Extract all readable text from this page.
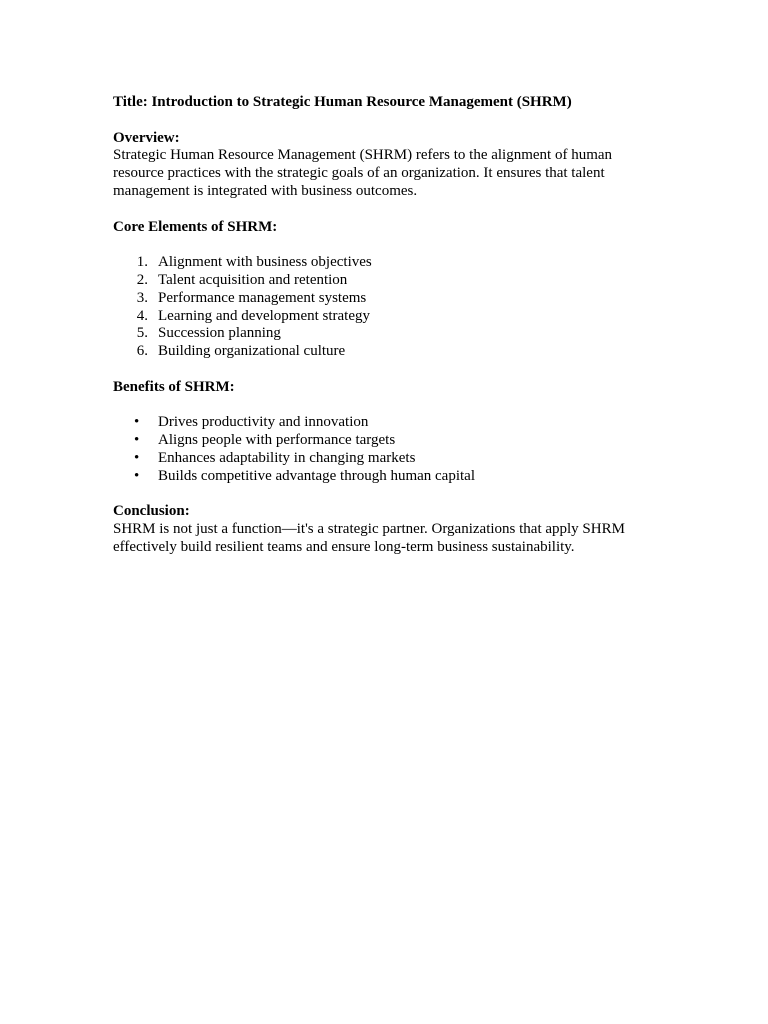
Title: Introduction to Strategic Human Resource Management (SHRM)

Overview:

Strategic Human Resource Management (SHRM) refers to the alignment of human resource practices with the strategic goals of an organization. It ensures that talent management is integrated with business outcomes.

Core Elements of SHRM:

1. Alignment with business objectives
2. Talent acquisition and retention
3. Performance management systems
4. Learning and development strategy
5. Succession planning
6. Building organizational culture

Benefits of SHRM:

• Drives productivity and innovation
• Aligns people with performance targets
• Enhances adaptability in changing markets
• Builds competitive advantage through human capital

Conclusion:

SHRM is not just a function—it's a strategic partner. Organizations that apply SHRM effectively build resilient teams and ensure long-term business sustainability.
